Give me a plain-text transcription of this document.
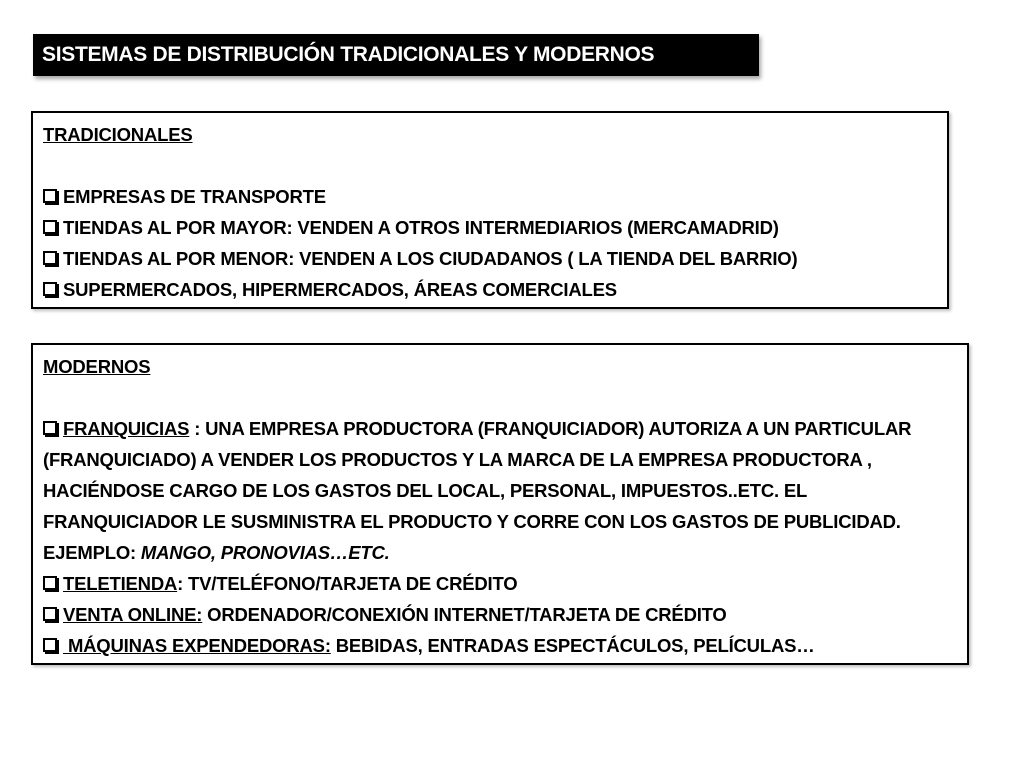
SISTEMAS DE DISTRIBUCIÓN TRADICIONALES Y MODERNOS
TRADICIONALES
EMPRESAS DE TRANSPORTE
TIENDAS AL POR MAYOR: VENDEN A OTROS INTERMEDIARIOS (MERCAMADRID)
TIENDAS AL POR MENOR: VENDEN A LOS CIUDADANOS ( LA TIENDA DEL BARRIO)
SUPERMERCADOS, HIPERMERCADOS, ÁREAS COMERCIALES
MODERNOS
FRANQUICIAS : UNA EMPRESA PRODUCTORA (FRANQUICIADOR) AUTORIZA A UN PARTICULAR (FRANQUICIADO) A VENDER LOS PRODUCTOS Y LA MARCA DE LA EMPRESA PRODUCTORA , HACIÉNDOSE CARGO DE LOS GASTOS DEL LOCAL, PERSONAL, IMPUESTOS..ETC. EL FRANQUICIADOR LE SUSMINISTRA EL PRODUCTO Y CORRE CON LOS GASTOS DE PUBLICIDAD. EJEMPLO: MANGO, PRONOVIAS…ETC.
TELETIENDA: TV/TELÉFONO/TARJETA DE CRÉDITO
VENTA ONLINE: ORDENADOR/CONEXIÓN INTERNET/TARJETA DE CRÉDITO
MÁQUINAS EXPENDEDORAS: BEBIDAS, ENTRADAS ESPECTÁCULOS, PELÍCULAS…
